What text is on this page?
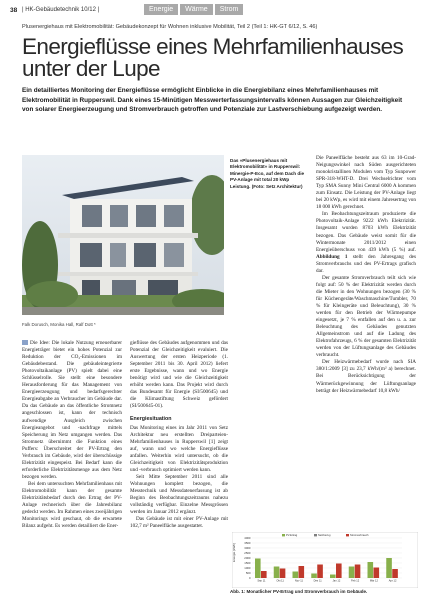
38 | HK-Gebäudetechnik 10/12 |	Energie	Wärme	Strom
Plusenergiehaus mit Elektromobilität: Gebäudekonzept für Wohnen inklusive Mobilität, Teil 2 (Teil 1: HK-GT 6/12, S. 46)
Energieflüsse eines Mehrfamilienhauses unter der Lupe
Ein detailliertes Monitoring der Energieflüsse ermöglicht Einblicke in die Energiebilanz eines Mehrfamilienhauses mit Elektromobilität in Rupperswil. Dank eines 15-Minütigen Messwerterfassungsintervalls können Aussagen zur Gleichzeitigkeit von solarer Energieerzeugung und Stromverbrauch getroffen und Potenziale zur Lastverschiebung aufgezeigt werden.
Falk Dorusch, Monika Hall, Ralf Dott *
Das «Plusenergiehaus mit Elektromobilität» in Rupperswil: Minergie-P-Eco, auf dem Dach die PV-Anlage mit total 20 kWp Leistung. (Foto: Setz Architektur)

Die Idee: Die lokale Nutzung erneuerbarer Energieträger bietet ein hohes Potenzial zur Reduktion der CO₂-Emissionen im Gebäudebestand. Die gebäudeintegrierte Photovoltaikanlage (PV) spielt dabei eine Schlüsselrolle. Sie stellt eine besondere Herausforderung für das Management von Energieerzeugung und bedarfsgerechter Energieabgabe an Verbraucher im Gebäude dar. Da das Gebäude an das öffentliche Stromnetz angeschlossen ist, kann der technisch aufwendige Ausgleich zwischen Energieangebot und -nachfrage mittels Speicherung im Netz umgangen werden. Das Stromnetz übernimmt die Funktion eines Puffers: Überschreitet der PV-Ertrag den Verbrauch im Gebäude, wird der überschüssige Elektrizität eingespeist. Bei Bedarf kann die erforderliche Elektrizitätsmenge aus dem Netz bezogen werden.

Bei dem untersuchten Mehrfamilienhaus mit Elektromobilität kann der gesamte Elektrizitätsbedarf durch den Ertrag der PV-Anlage rechnerisch über die Jahresbilanz gedeckt werden. Im Rahmen eines zweijährigen Monitorings wird geschaut, ob die erwartete Bilanz aufgeht. Es werden detailliert die Ener-

gieflüsse des Gebäudes aufgenommen und das Potenzial der Gleichzeitigkeit evaluiert. Die Auswertung der ersten Heizperiode (1. September 2011 bis 30. April 2012) liefert erste Ergebnisse, wann und wo Energie benötigt wird und wie die Gleichzeitigkeit erhöht werden kann. Das Projekt wird durch das Bundesamt für Energie (SI/500645) und die Klimastiftung Schweiz gefördert (SI/500645-01).

Energiesituation

Das Monitoring eines im Jahr 2011 von Setz Architektur neu erstellten Dreiparteien-Mehrfamilienhauses in Rupperswil [1] zeigt auf, wann und wo welche Energieflüsse anfallen. Weiterhin wird untersucht, ob die Gleichzeitigkeit von Elektrizitätsproduktion und -verbrauch optimiert werden kann.

Seit Mitte September 2011 sind alle Wohnungen komplett bezogen, die Messtechnik und Messdatenerfassung ist ab Beginn des Beobachtungszeitraums nahezu vollständig verfügbar. Einzelne Messgrössen werden im Januar 2012 ergänzt.

Das Gebäude ist mit einer PV-Anlage mit 102,7 m² Paneelfläche ausgestattet.

Die Paneelfläche besteht aus 63 im 10-Grad-Neigungswinkel nach Süden ausgerichteten monokristallinen Modulen vom Typ Sunpower SPR-318-WHT-D. Drei Wechselrichter vom Typ SMA Sunny Mini Central 6000 A kommen zum Einsatz. Die Leistung der PV-Anlage liegt bei 20 kWp, es wird mit einem Jahresertrag von 18 000 kWh gerechnet.

Im Beobachtungszeitraum produzierte die Photovoltaik-Anlage 9222 kWh Elektrizität. Insgesamt wurden 8703 kWh Elektrizität bezogen. Das Gebäude weist somit für die Wintermonate 2011/2012 einen Energieüberschuss von 439 kWh (5 %) auf. Abbildung 1 stellt den Jahresgang des Stromverbrauchs und des PV-Ertrags grafisch dar.

Der gesamte Stromverbrauch teilt sich wie folgt auf: 50 % der Elektrizität werden durch die Mieter in den Wohnungen bezogen (30 % für Küchengeräte/Waschmaschine/Tumbler, 70 % für Kleingeräte und Beleuchtung), 30 % werden für den Betrieb der Wärmepumpe eingesetzt, je 7 % entfallen auf den u. a. zur Beleuchtung des Gebäudes genutzten Allgemeinstrom und auf die Ladung des Elektrofahrzeugs, 6 % der gesamten Elektrizität werden von der Lüftungsanlage des Gebäudes verbraucht.

Der Heizwärmebedarf wurde nach SIA 380/1:2009 [3] zu 23,7 kWh/(m² a) berechnet. Bei Berücksichtigung der Wärmerückgewinnung der Lüftungsanlage beträgt der Heizwärmebedarf 10,8 kWh/

Energie [kWh]
0
500
1000
1500
2000
2500
3000
3500
4000
Sep 11	Okt 11	Nov 11	Dez 11	Jan 12	Feb 12	Mär 12	Apr 12
PV-Ertrag	Netzbezug	Stromverbrauch
Abb. 1: Monatlicher PV-Ertrag und Stromverbrauch im Gebäude.
